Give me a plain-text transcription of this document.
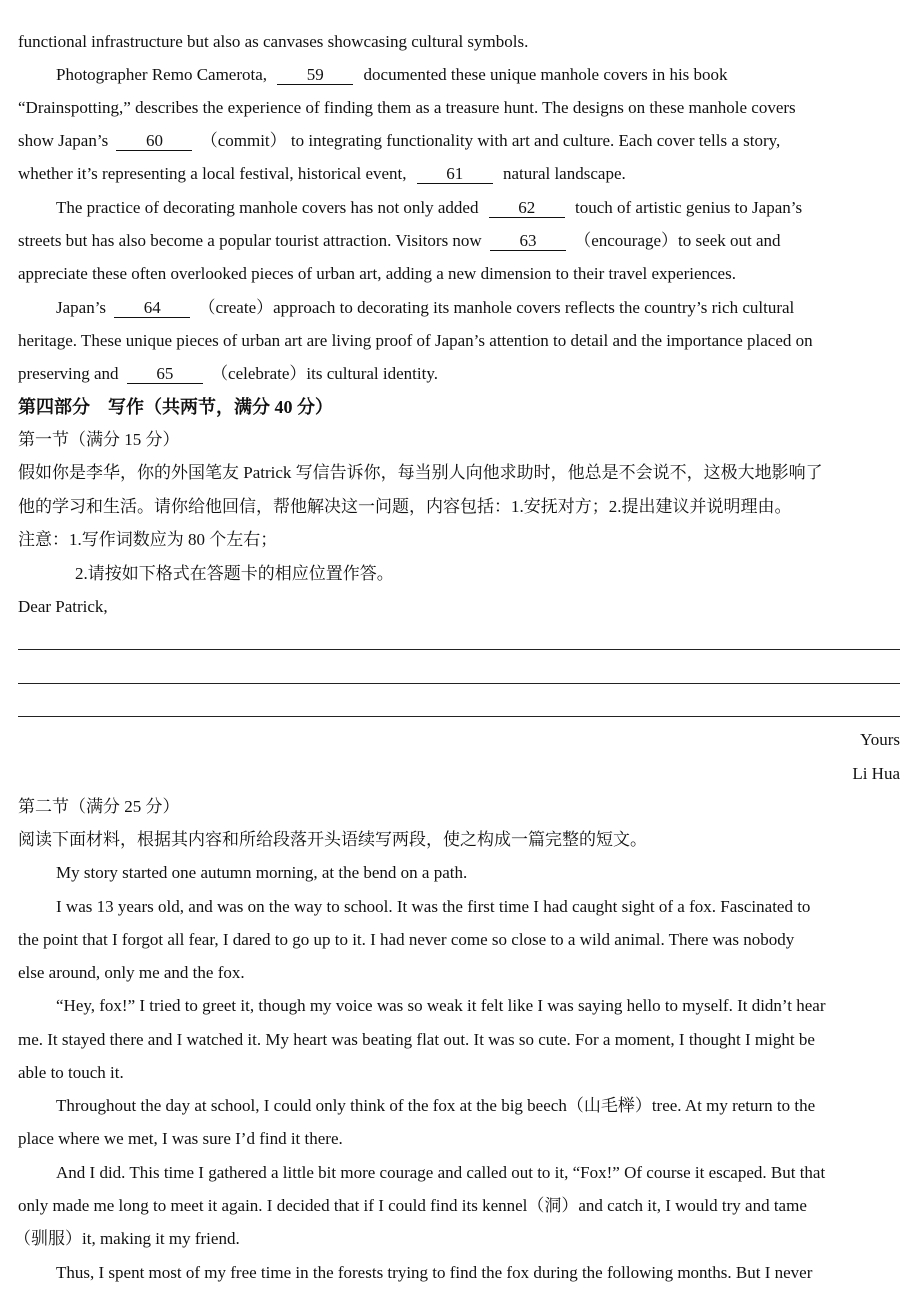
functional infrastructure but also as canvases showcasing cultural symbols.
Photographer Remo Camerota, 59 documented these unique manhole covers in his book
“Drainspotting,” describes the experience of finding them as a treasure hunt. The designs on these manhole covers
show Japan’s 60 （commit） to integrating functionality with art and culture. Each cover tells a story,
whether it’s representing a local festival, historical event, 61 natural landscape.
The practice of decorating manhole covers has not only added 62 touch of artistic genius to Japan’s
streets but has also become a popular tourist attraction. Visitors now 63 （encourage）to seek out and
appreciate these often overlooked pieces of urban art, adding a new dimension to their travel experiences.
Japan’s 64 （create）approach to decorating its manhole covers reflects the country’s rich cultural
heritage. These unique pieces of urban art are living proof of Japan’s attention to detail and the importance placed on
preserving and 65 （celebrate）its cultural identity.
第四部分　写作（共两节，满分 40 分）
第一节（满分 15 分）
假如你是李华，你的外国笔友 Patrick 写信告诉你，每当别人向他求助时，他总是不会说不，这极大地影响了
他的学习和生活。请你给他回信，帮他解决这一问题，内容包括：1.安抚对方；2.提出建议并说明理由。
注意：1.写作词数应为 80 个左右；
2.请按如下格式在答题卡的相应位置作答。
Dear Patrick,
Yours
Li Hua
第二节（满分 25 分）
阅读下面材料，根据其内容和所给段落开头语续写两段，使之构成一篇完整的短文。
My story started one autumn morning, at the bend on a path.
I was 13 years old, and was on the way to school. It was the first time I had caught sight of a fox. Fascinated to
the point that I forgot all fear, I dared to go up to it. I had never come so close to a wild animal. There was nobody
else around, only me and the fox.
“Hey, fox!” I tried to greet it, though my voice was so weak it felt like I was saying hello to myself. It didn’t hear
me. It stayed there and I watched it. My heart was beating flat out. It was so cute. For a moment, I thought I might be
able to touch it.
Throughout the day at school, I could only think of the fox at the big beech（山毛榉）tree. At my return to the
place where we met, I was sure I’d find it there.
And I did. This time I gathered a little bit more courage and called out to it, “Fox!” Of course it escaped. But that
only made me long to meet it again. I decided that if I could find its kennel（洞）and catch it, I would try and tame
（驯服）it, making it my friend.
Thus, I spent most of my free time in the forests trying to find the fox during the following months. But I never
